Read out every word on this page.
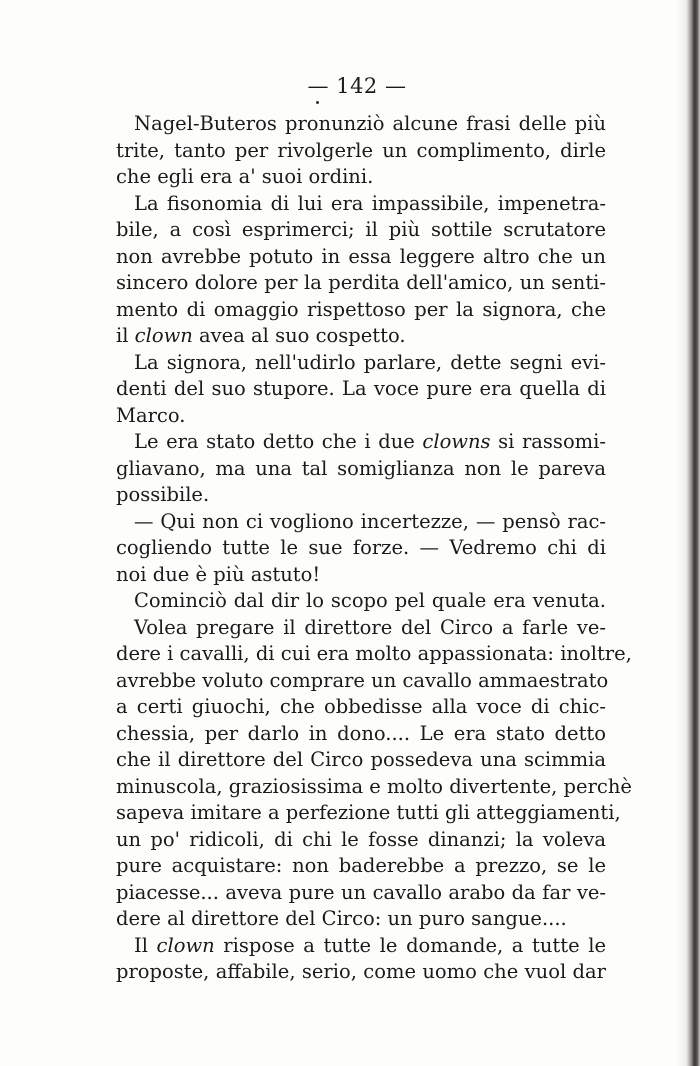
— 142 —
Nagel-Buteros pronunziò alcune frasi delle più
trite, tanto per rivolgerle un complimento, dirle
che egli era a' suoi ordini.
La fisonomia di lui era impassibile, impenetra-
bile, a così esprimerci; il più sottile scrutatore
non avrebbe potuto in essa leggere altro che un
sincero dolore per la perdita dell'amico, un senti-
mento di omaggio rispettoso per la signora, che
il clown avea al suo cospetto.
La signora, nell'udirlo parlare, dette segni evi-
denti del suo stupore. La voce pure era quella di
Marco.
Le era stato detto che i due clowns si rassomi-
gliavano, ma una tal somiglianza non le pareva
possibile.
— Qui non ci vogliono incertezze, — pensò rac-
cogliendo tutte le sue forze. — Vedremo chi di
noi due è più astuto!
Cominciò dal dir lo scopo pel quale era venuta.
Volea pregare il direttore del Circo a farle ve-
dere i cavalli, di cui era molto appassionata: inoltre,
avrebbe voluto comprare un cavallo ammaestrato
a certi giuochi, che obbedisse alla voce di chic-
chessia, per darlo in dono.... Le era stato detto
che il direttore del Circo possedeva una scimmia
minuscola, graziosissima e molto divertente, perchè
sapeva imitare a perfezione tutti gli atteggiamenti,
un po' ridicoli, di chi le fosse dinanzi; la voleva
pure acquistare: non baderebbe a prezzo, se le
piacesse... aveva pure un cavallo arabo da far ve-
dere al direttore del Circo: un puro sangue....
Il clown rispose a tutte le domande, a tutte le
proposte, affabile, serio, come uomo che vuol dar
